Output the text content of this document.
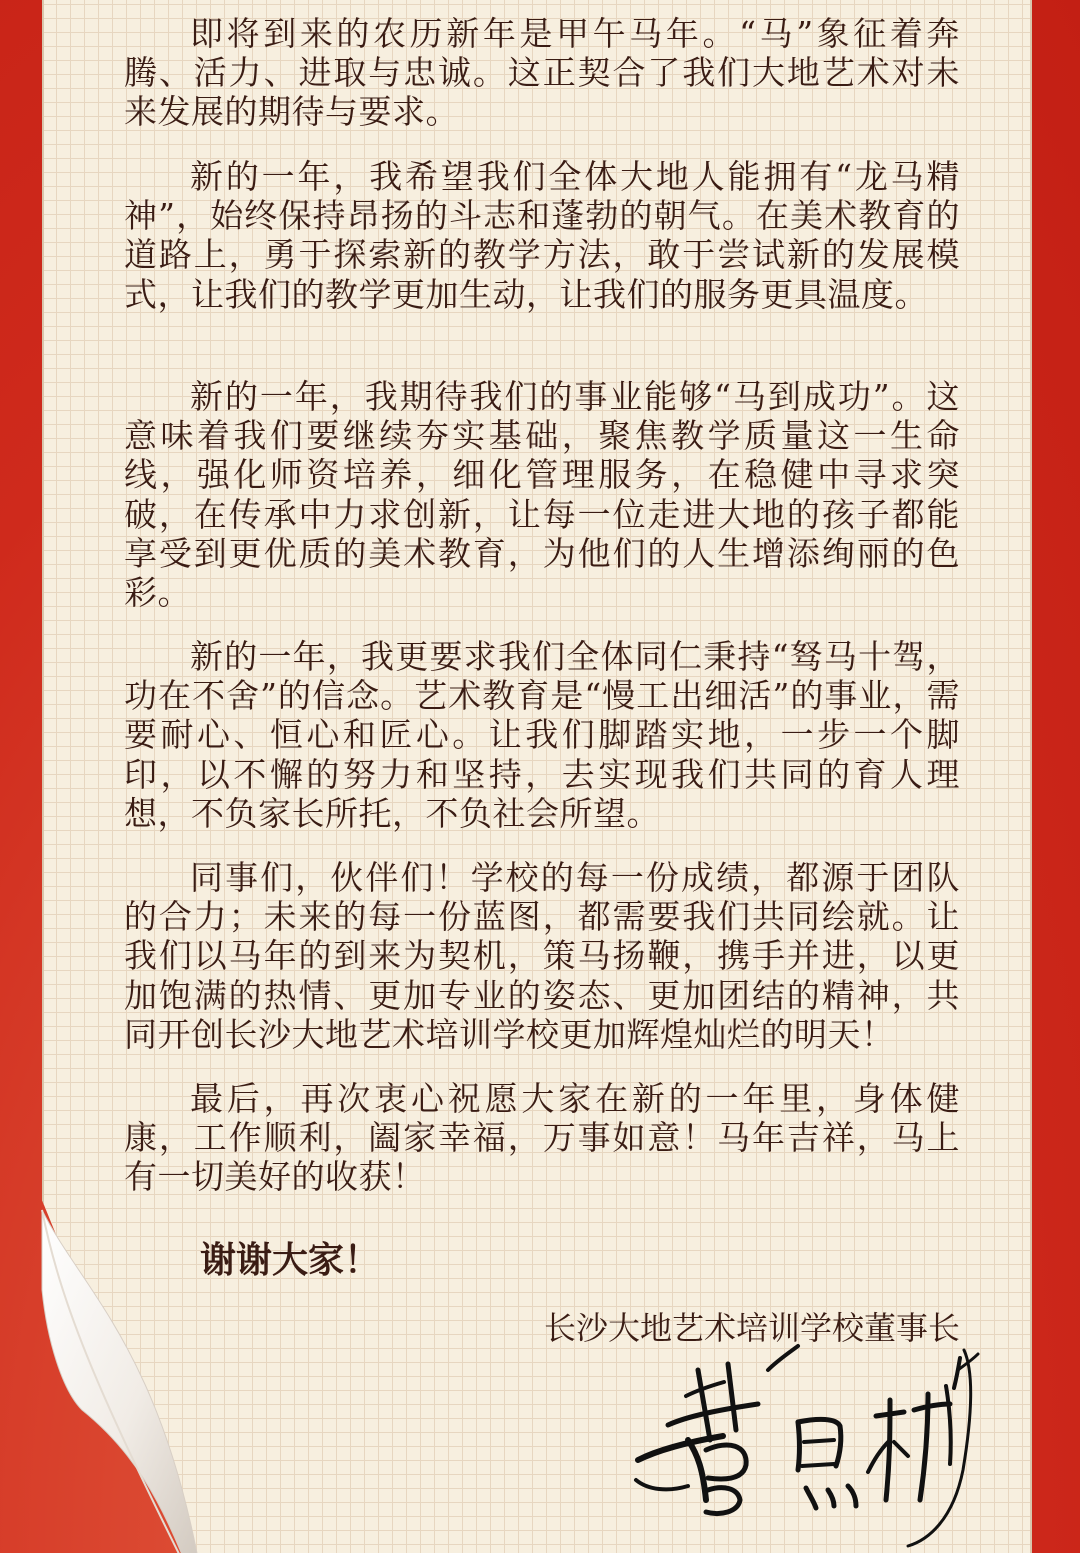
即将到来的农历新年是甲午马年。“马”象征着奔腾、活力、进取与忠诚。这正契合了我们大地艺术对未来发展的期待与要求。

新的一年，我希望我们全体大地人能拥有“龙马精神”，始终保持昂扬的斗志和蓬勃的朝气。在美术教育的道路上，勇于探索新的教学方法，敢于尝试新的发展模式，让我们的教学更加生动，让我们的服务更具温度。

新的一年，我期待我们的事业能够“马到成功”。这意味着我们要继续夯实基础，聚焦教学质量这一生命线，强化师资培养，细化管理服务，在稳健中寻求突破，在传承中力求创新，让每一位走进大地的孩子都能享受到更优质的美术教育，为他们的人生增添绚丽的色彩。

新的一年，我更要求我们全体同仁秉持“驽马十驾，功在不舍”的信念。艺术教育是“慢工出细活”的事业，需要耐心、恒心和匠心。让我们脚踏实地，一步一个脚印，以不懈的努力和坚持，去实现我们共同的育人理想，不负家长所托，不负社会所望。

同事们，伙伴们！学校的每一份成绩，都源于团队的合力；未来的每一份蓝图，都需要我们共同绘就。让我们以马年的到来为契机，策马扬鞭，携手并进，以更加饱满的热情、更加专业的姿态、更加团结的精神，共同开创长沙大地艺术培训学校更加辉煌灿烂的明天！

最后，再次衷心祝愿大家在新的一年里，身体健康，工作顺利，阖家幸福，万事如意！马年吉祥，马上有一切美好的收获！

谢谢大家！

长沙大地艺术培训学校董事长
